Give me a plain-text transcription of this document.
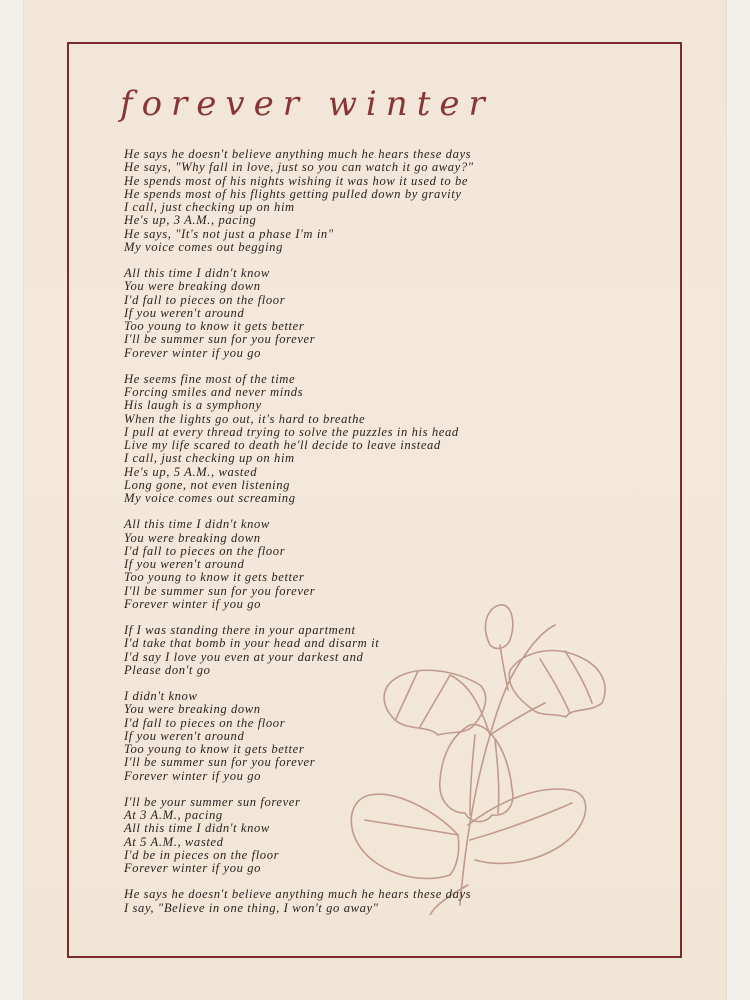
forever winter
He says he doesn't believe anything much he hears these days
He says, "Why fall in love, just so you can watch it go away?"
He spends most of his nights wishing it was how it used to be
He spends most of his flights getting pulled down by gravity
I call, just checking up on him
He's up, 3 A.M., pacing
He says, "It's not just a phase I'm in"
My voice comes out begging
All this time I didn't know
You were breaking down
I'd fall to pieces on the floor
If you weren't around
Too young to know it gets better
I'll be summer sun for you forever
Forever winter if you go
He seems fine most of the time
Forcing smiles and never minds
His laugh is a symphony
When the lights go out, it's hard to breathe
I pull at every thread trying to solve the puzzles in his head
Live my life scared to death he'll decide to leave instead
I call, just checking up on him
He's up, 5 A.M., wasted
Long gone, not even listening
My voice comes out screaming
All this time I didn't know
You were breaking down
I'd fall to pieces on the floor
If you weren't around
Too young to know it gets better
I'll be summer sun for you forever
Forever winter if you go
If I was standing there in your apartment
I'd take that bomb in your head and disarm it
I'd say I love you even at your darkest and
Please don't go
I didn't know
You were breaking down
I'd fall to pieces on the floor
If you weren't around
Too young to know it gets better
I'll be summer sun for you forever
Forever winter if you go
I'll be your summer sun forever
At 3 A.M., pacing
All this time I didn't know
At 5 A.M., wasted
I'd be in pieces on the floor
Forever winter if you go
He says he doesn't believe anything much he hears these days
I say, "Believe in one thing, I won't go away"
